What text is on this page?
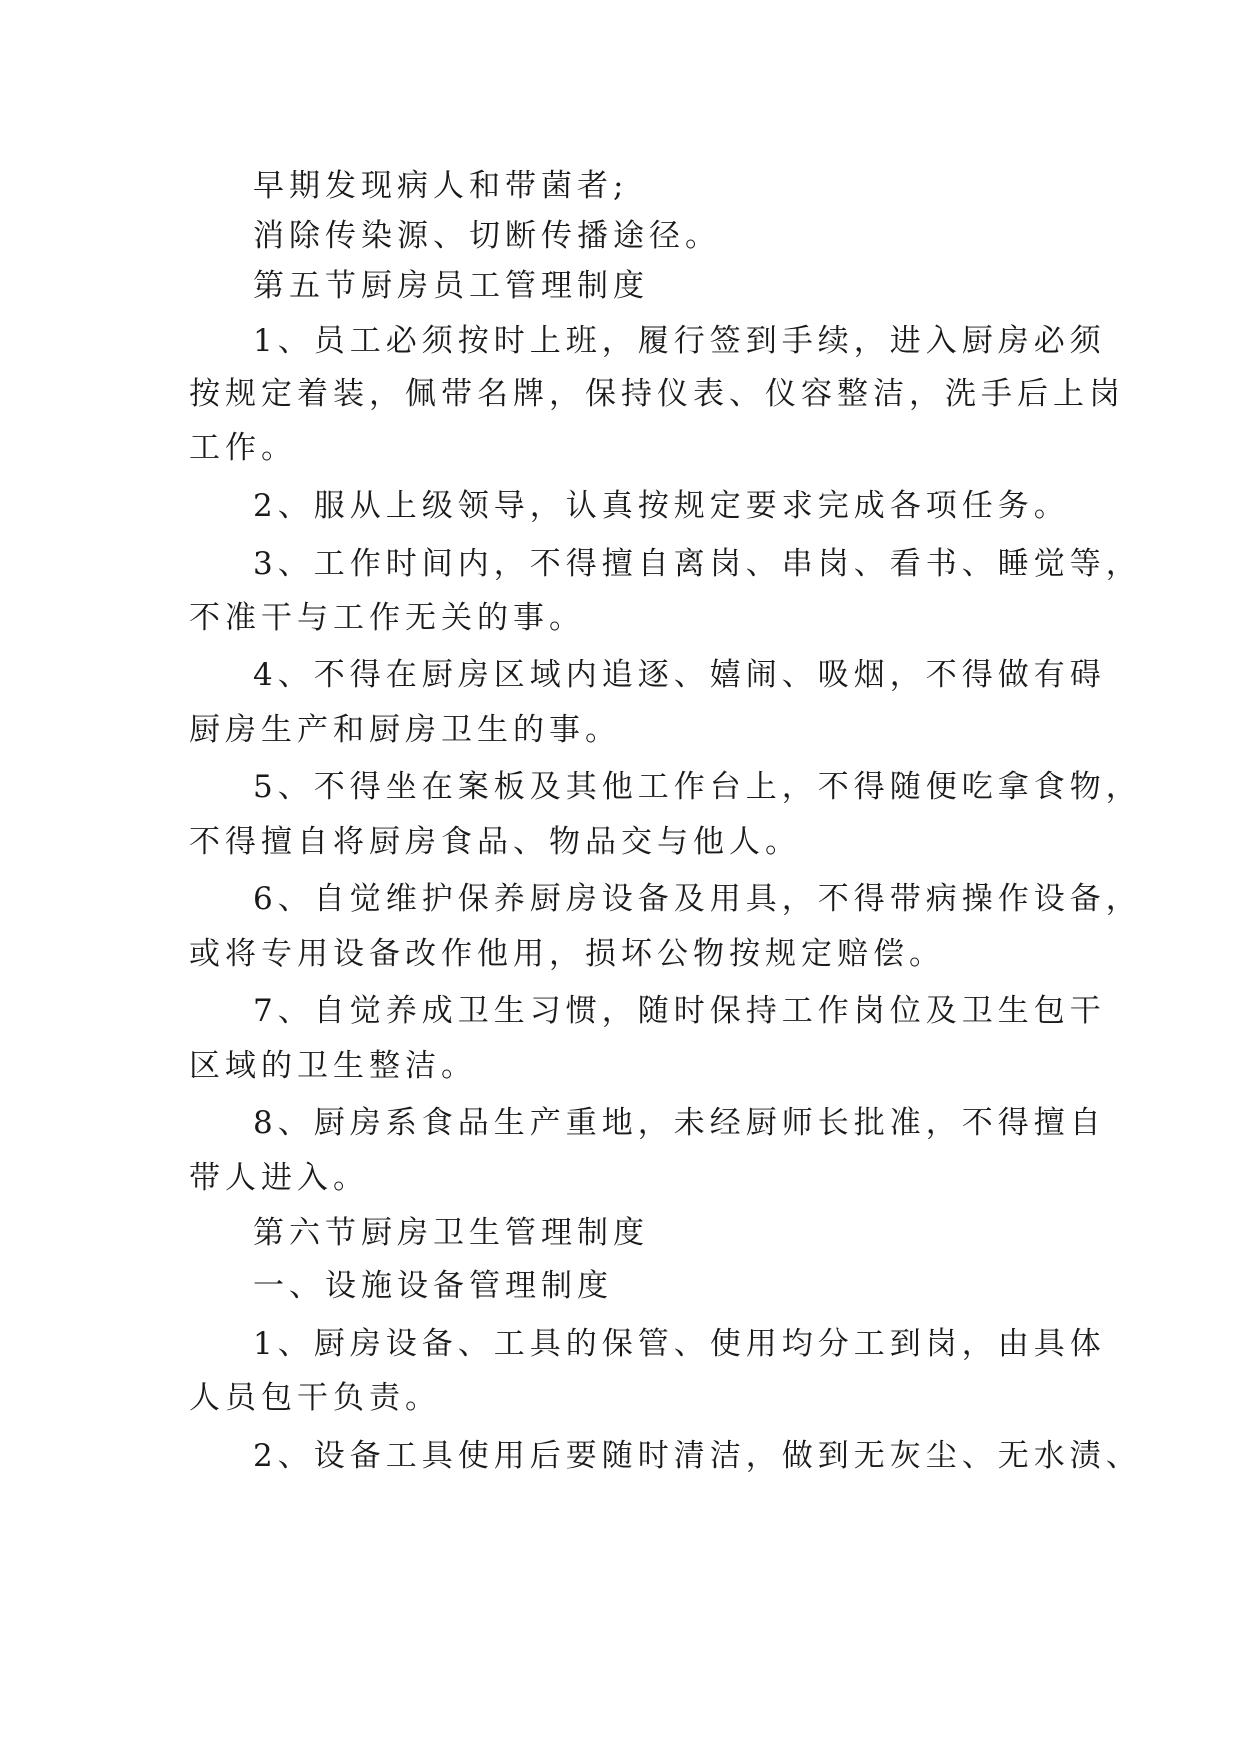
早期发现病人和带菌者;

消除传染源、切断传播途径。

第五节厨房员工管理制度

1、员工必须按时上班，履行签到手续，进入厨房必须

按规定着装，佩带名牌，保持仪表、仪容整洁，洗手后上岗

工作。

2、服从上级领导，认真按规定要求完成各项任务。

3、工作时间内，不得擅自离岗、串岗、看书、睡觉等，

不准干与工作无关的事。

4、不得在厨房区域内追逐、嬉闹、吸烟，不得做有碍

厨房生产和厨房卫生的事。

5、不得坐在案板及其他工作台上，不得随便吃拿食物，

不得擅自将厨房食品、物品交与他人。

6、自觉维护保养厨房设备及用具，不得带病操作设备，

或将专用设备改作他用，损坏公物按规定赔偿。

7、自觉养成卫生习惯，随时保持工作岗位及卫生包干

区域的卫生整洁。

8、厨房系食品生产重地，未经厨师长批准，不得擅自

带人进入。

第六节厨房卫生管理制度

一、设施设备管理制度

1、厨房设备、工具的保管、使用均分工到岗，由具体

人员包干负责。

2、设备工具使用后要随时清洁，做到无灰尘、无水渍、
